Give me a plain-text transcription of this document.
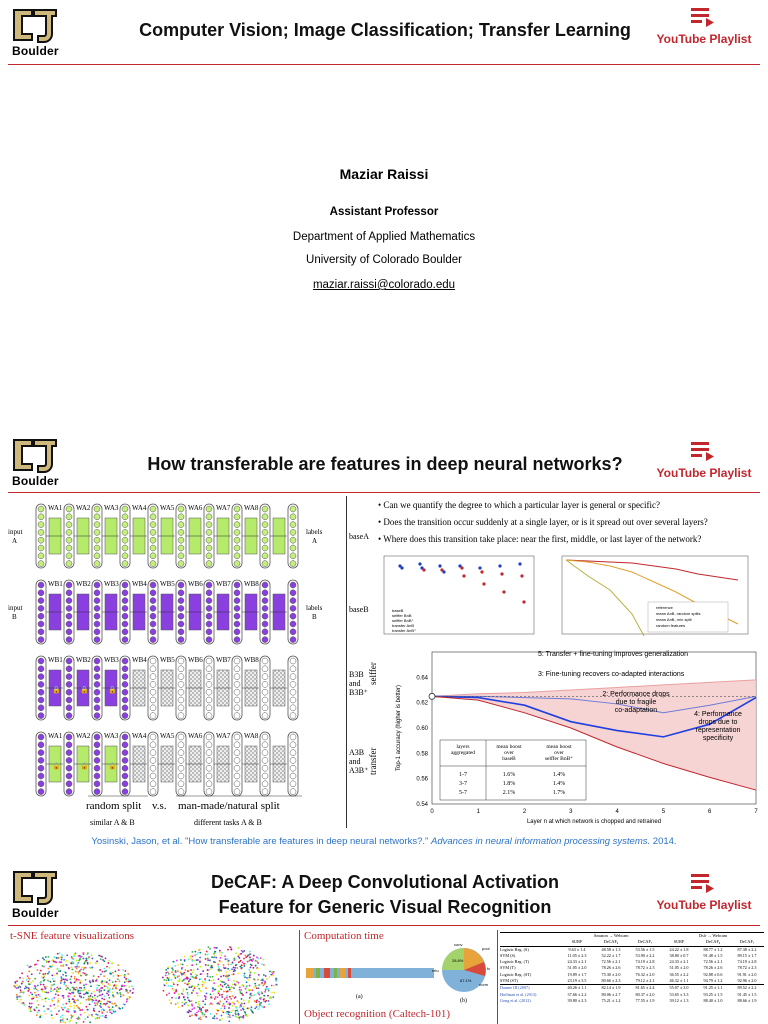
Boulder
Computer Vision; Image Classification; Transfer Learning	YouTube Playlist
Maziar Raissi
Assistant Professor
Department of Applied Mathematics
University of Colorado Boulder
maziar.raissi@colorado.edu
Boulder
How transferable are features in deep neural networks?	YouTube Playlist
WA1 WA2 WA3 WA4 WA5 WA6 WA7 WA8
input A
labels A
WB1 WB2 WB3 WB4 WB5 WB6 WB7 WB8
input B
labels B
WB1
🔒
WB2
🔒
WB3
🔒
WB4 WB5 WB6 WB7 WB8
WA1
🔒
WA2
🔒
WA3
🔒
WA4 WA5 WA6 WA7 WA8
random split v.s. man-made/natural split
similar A & B	different tasks A & B
baseA
baseB
B3B and B3B⁺
A3B and A3B⁺
selffer
transfer
• Can we quantify the degree to which a particular layer is general or specific?
• Does the transition occur suddenly at a single layer, or is it spread out over several layers?
• Where does this transition take place: near the first, middle, or last layer of the network?
baseB
selffer BnB
selffer BnB⁺
transfer AnB
transfer AnB⁺
reference
mean AnB, random splits
mean AnB, m/n split
random features
0.54
0.56
0.58
0.60
0.62
0.64
0	1	2	3	4	5	6	7
Layer n at which network is chopped and retrained
Top-1 accuracy (higher is better)
5: Transfer + fine-tuning improves generalization
3: Fine-tuning recovers co-adapted interactions
2: Performance drops due to fragile co-adaptation
4: Performance drops due to representation specificity
layers aggregated
mean boost over baseB
mean boost over selffer BnB⁺
1-7	1.6%	1.4%
3-7	1.8%	1.4%
5-7	2.1%	1.7%
Yosinski, Jason, et al. "How transferable are features in deep neural networks?." Advances in neural information processing systems. 2014.
Boulder
DeCAF: A Deep Convolutional Activation
Feature for Generic Visual Recognition	YouTube Playlist
t-SNE feature visualizations	Computation time
(a)
conv
pool
fc
relu
norm
28.8%
67.1%
(b)
Object recognition (Caltech-101)
Amazon → Webcam	Dslr → Webcam
SURF	DeCAF₆	DeCAF₇	SURF	DeCAF₆	DeCAF₇
Logistic Reg. (S)	9.63 ± 1.4	48.58 ± 1.3	53.56 ± 1.5	24.22 ± 1.8	88.77 ± 1.2	87.38 ± 2.2
SVM (S)	11.05 ± 2.3	52.22 ± 1.7	53.90 ± 2.2	38.80 ± 0.7	91.48 ± 1.5	89.15 ± 1.7
Logistic Reg. (T)	24.33 ± 2.1	72.56 ± 2.1	74.19 ± 2.8	24.33 ± 2.1	72.56 ± 2.1	74.19 ± 2.8
SVM (T)	51.05 ± 2.0	78.26 ± 2.6	78.72 ± 2.3	51.05 ± 2.0	78.26 ± 2.6	78.72 ± 2.3
Logistic Reg. (ST)	19.89 ± 1.7	75.30 ± 2.0	76.32 ± 2.0	36.55 ± 2.2	92.88 ± 0.6	91.91 ± 2.0
SVM (ST)	23.19 ± 3.5	80.66 ± 2.3	79.12 ± 2.1	46.32 ± 1.1	94.79 ± 1.2	92.96 ± 2.0
Daume III (2007)	40.26 ± 1.1	82.14 ± 1.9	81.65 ± 2.4	55.07 ± 3.0	91.25 ± 1.1	89.52 ± 2.2
Hoffman et al. (2013)	37.66 ± 2.2	80.06 ± 2.7	80.37 ± 2.0	53.65 ± 3.3	93.25 ± 1.5	91.45 ± 1.5
Gong et al. (2012)	39.80 ± 2.3	75.21 ± 1.2	77.55 ± 1.9	39.12 ± 1.3	88.40 ± 1.0	88.66 ± 1.9
